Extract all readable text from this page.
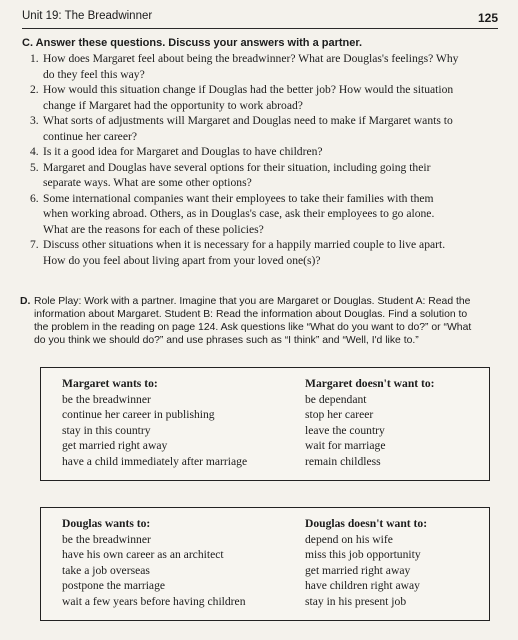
Unit 19: The Breadwinner	125
C. Answer these questions. Discuss your answers with a partner.
1. How does Margaret feel about being the breadwinner? What are Douglas's feelings? Why
do they feel this way?
2. How would this situation change if Douglas had the better job? How would the situation
change if Margaret had the opportunity to work abroad?
3. What sorts of adjustments will Margaret and Douglas need to make if Margaret wants to
continue her career?
4. Is it a good idea for Margaret and Douglas to have children?
5. Margaret and Douglas have several options for their situation, including going their
separate ways. What are some other options?
6. Some international companies want their employees to take their families with them
when working abroad. Others, as in Douglas's case, ask their employees to go alone.
What are the reasons for each of these policies?
7. Discuss other situations when it is necessary for a happily married couple to live apart.
How do you feel about living apart from your loved one(s)?
D. Role Play: Work with a partner. Imagine that you are Margaret or Douglas. Student A: Read the
information about Margaret. Student B: Read the information about Douglas. Find a solution to
the problem in the reading on page 124. Ask questions like “What do you want to do?” or “What
do you think we should do?” and use phrases such as “I think” and “Well, I'd like to.”
Margaret wants to:
be the breadwinner
continue her career in publishing
stay in this country
get married right away
have a child immediately after marriage
Margaret doesn't want to:
be dependant
stop her career
leave the country
wait for marriage
remain childless
Douglas wants to:
be the breadwinner
have his own career as an architect
take a job overseas
postpone the marriage
wait a few years before having children
Douglas doesn't want to:
depend on his wife
miss this job opportunity
get married right away
have children right away
stay in his present job
